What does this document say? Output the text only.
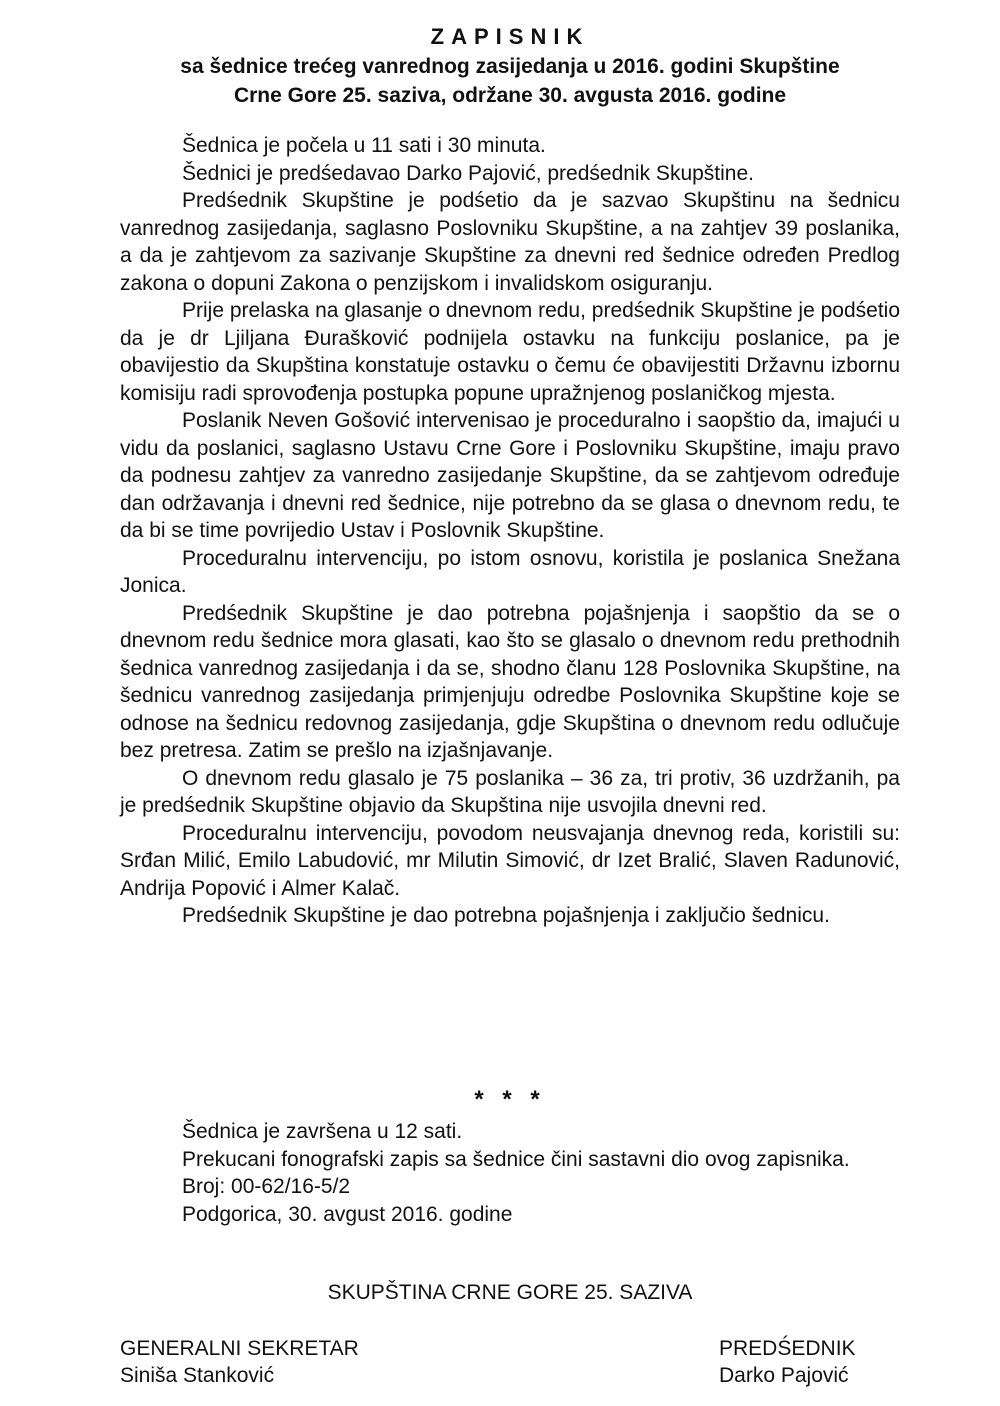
ZAPISNIK
sa šednice trećeg vanrednog zasijedanja u 2016. godini Skupštine
Crne Gore 25. saziva, održane 30. avgusta 2016. godine

Šednica je počela u 11 sati i 30 minuta.

Šednici je predśedavao Darko Pajović, predśednik Skupštine.

Predśednik Skupštine je podśetio da je sazvao Skupštinu na šednicu vanrednog zasijedanja, saglasno Poslovniku Skupštine, a na zahtjev 39 poslanika, a da je zahtjevom za sazivanje Skupštine za dnevni red šednice određen Predlog zakona o dopuni Zakona o penzijskom i invalidskom osiguranju.

Prije prelaska na glasanje o dnevnom redu, predśednik Skupštine je podśetio da je dr Ljiljana Đurašković podnijela ostavku na funkciju poslanice, pa je obavijestio da Skupština konstatuje ostavku o čemu će obavijestiti Državnu izbornu komisiju radi sprovođenja postupka popune upražnjenog poslaničkog mjesta.

Poslanik Neven Gošović intervenisao je proceduralno i saopštio da, imajući u vidu da poslanici, saglasno Ustavu Crne Gore i Poslovniku Skupštine, imaju pravo da podnesu zahtjev za vanredno zasijedanje Skupštine, da se zahtjevom određuje dan održavanja i dnevni red šednice, nije potrebno da se glasa o dnevnom redu, te da bi se time povrijedio Ustav i Poslovnik Skupštine.

Proceduralnu intervenciju, po istom osnovu, koristila je poslanica Snežana Jonica.

Predśednik Skupštine je dao potrebna pojašnjenja i saopštio da se o dnevnom redu šednice mora glasati, kao što se glasalo o dnevnom redu prethodnih šednica vanrednog zasijedanja i da se, shodno članu 128 Poslovnika Skupštine, na šednicu vanrednog zasijedanja primjenjuju odredbe Poslovnika Skupštine koje se odnose na šednicu redovnog zasijedanja, gdje Skupština o dnevnom redu odlučuje bez pretresa. Zatim se prešlo na izjašnjavanje.

O dnevnom redu glasalo je 75 poslanika – 36 za, tri protiv, 36 uzdržanih, pa je predśednik Skupštine objavio da Skupština nije usvojila dnevni red.

Proceduralnu intervenciju, povodom neusvajanja dnevnog reda, koristili su: Srđan Milić, Emilo Labudović, mr Milutin Simović, dr Izet Bralić, Slaven Radunović, Andrija Popović i Almer Kalač.

Predśednik Skupštine je dao potrebna pojašnjenja i zaključio šednicu.

* * *

Šednica je završena u 12 sati.

Prekucani fonografski zapis sa šednice čini sastavni dio ovog zapisnika.

Broj: 00-62/16-5/2

Podgorica, 30. avgust 2016. godine

SKUPŠTINA CRNE GORE 25. SAZIVA
GENERALNI SEKRETAR
Siniša Stanković
PREDŚEDNIK
Darko Pajović
